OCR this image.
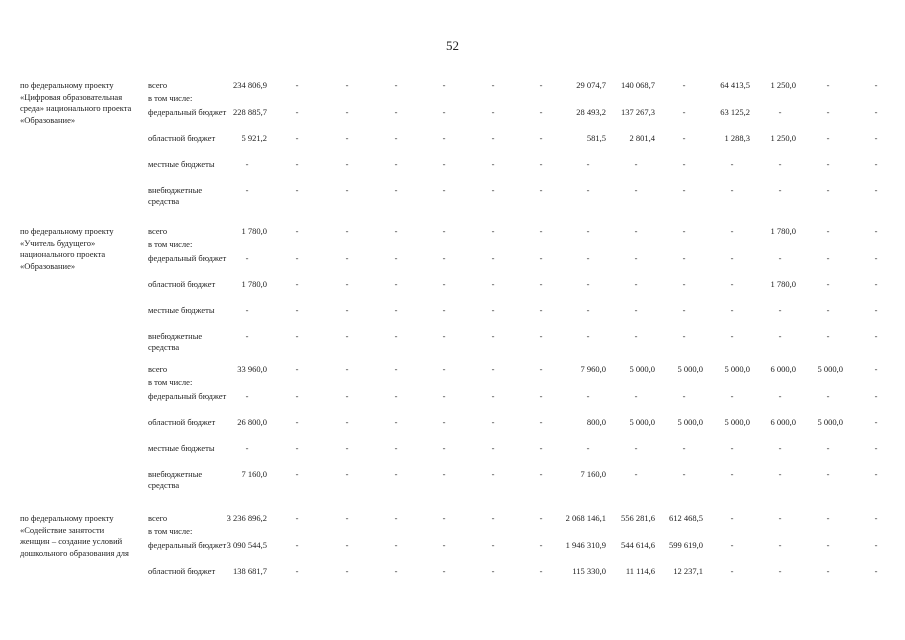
52
по федеральному проекту «Цифровая образовательная среда» национального проекта «Образование»
всего	234 806,9	-	-	-	-	-	-	29 074,7	140 068,7	-	64 413,5	1 250,0	-	-
в том числе:
федеральный бюджет 228 885,7	-	-	-	-	-	-	28 493,2	137 267,3	-	63 125,2	-	-	-
областной бюджет	5 921,2	-	-	-	-	-	-	581,5	2 801,4	-	1 288,3	1 250,0	-	-
местные бюджеты	-	-	-	-	-	-	-	-	-	-	-	-	-	-
внебюджетные средства
-	-	-	-	-	-	-	-	-	-	-	-	-	-
по федеральному проекту «Учитель будущего» национального проекта «Образование»
всего	1 780,0	-	-	-	-	-	-	-	-	-	-	1 780,0	-	-
в том числе:
федеральный бюджет	-	-	-	-	-	-	-	-	-	-	-	-	-	-
областной бюджет	1 780,0	-	-	-	-	-	-	-	-	-	-	1 780,0	-	-
местные бюджеты	-	-	-	-	-	-	-	-	-	-	-	-	-	-
внебюджетные средства
-	-	-	-	-	-	-	-	-	-	-	-	-	-
всего	33 960,0	-	-	-	-	-	-	7 960,0	5 000,0	5 000,0	5 000,0	6 000,0	5 000,0	-
в том числе:
федеральный бюджет	-	-	-	-	-	-	-	-	-	-	-	-	-	-
областной бюджет	26 800,0	-	-	-	-	-	-	800,0	5 000,0	5 000,0	5 000,0	6 000,0	5 000,0	-
местные бюджеты	-	-	-	-	-	-	-	-	-	-	-	-	-	-
внебюджетные средства
7 160,0	-	-	-	-	-	-	7 160,0	-	-	-	-	-	-
по федеральному проекту «Содействие занятости женщин – создание условий дошкольного образования для
всего	3 236 896,2	-	-	-	-	-	-	2 068 146,1	556 281,6	612 468,5	-	-	-	-
в том числе:
федеральный бюджет 3 090 544,5	-	-	-	-	-	-	1 946 310,9	544 614,6	599 619,0	-	-	-	-
областной бюджет	138 681,7	-	-	-	-	-	-	115 330,0	11 114,6	12 237,1	-	-	-	-
